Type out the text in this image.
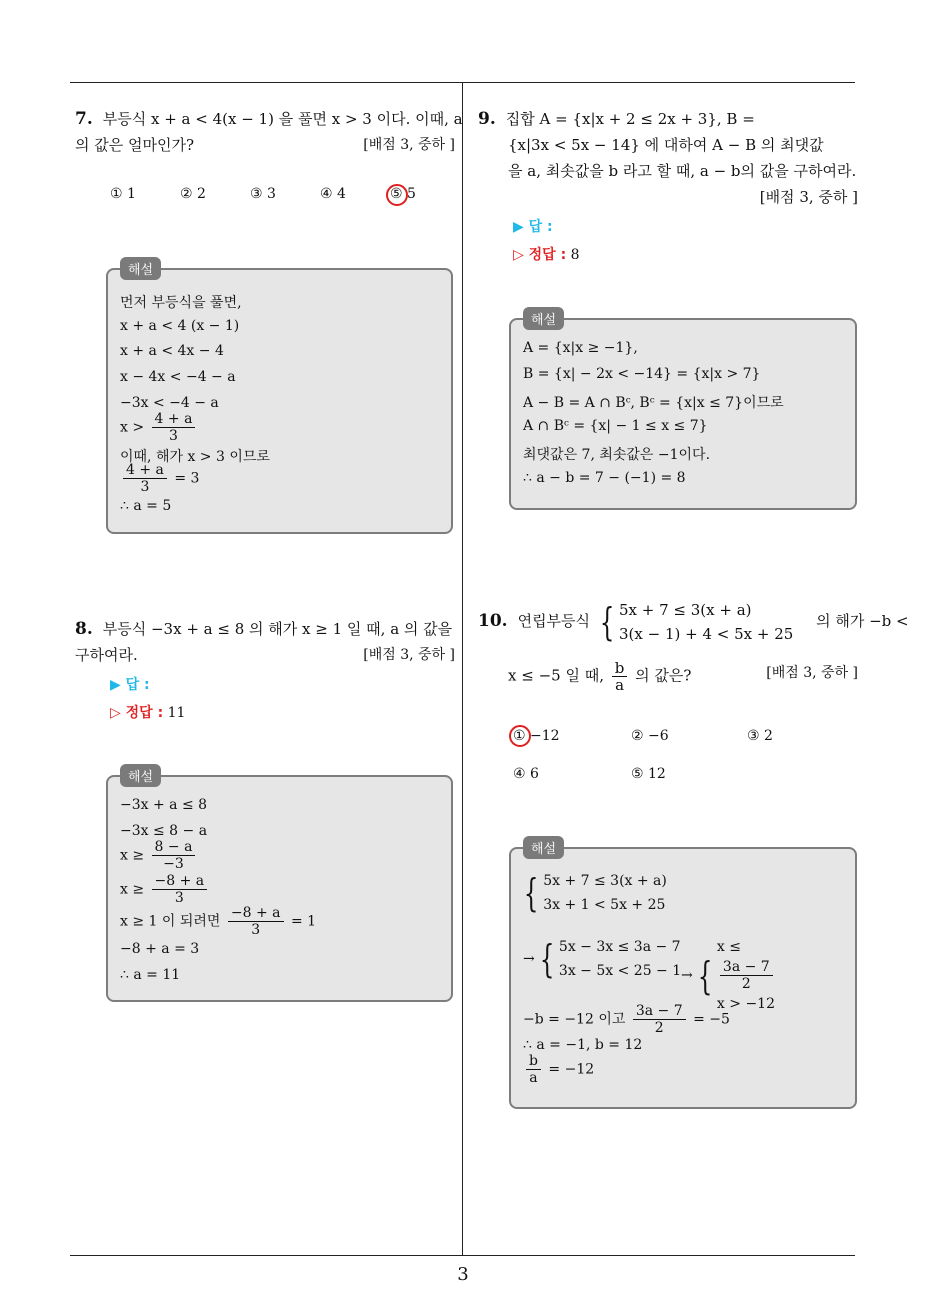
3
7. 부등식 x + a < 4(x − 1) 을 풀면 x > 3 이다. 이때, a
의 값은 얼마인가?	[배점 3, 중하 ]
① 1	② 2	③ 3	④ 4	⑤ 5
해설
먼저 부등식을 풀면,
x + a < 4 (x − 1)
x + a < 4x − 4
x − 4x < −4 − a
−3x < −4 − a
$x > \frac{4 + a}{3}$
이때, 해가 x > 3 이므로
$\frac{4 + a}{3} = 3$
∴ a = 5
8. 부등식 −3x + a ≤ 8 의 해가 x ≥ 1 일 때, a 의 값을
구하여라.	[배점 3, 중하 ]
▶ 답 :
▷ 정답 : 11
해설
−3x + a ≤ 8
−3x ≤ 8 − a
$x \ge \frac{8 - a}{-3}$
$x \ge \frac{-8 + a}{3}$
x ≥ 1 이 되려면 $\frac{-8 + a}{3} = 1$
−8 + a = 3
∴ a = 11
9. 집합 A = {x|x + 2 ≤ 2x + 3}, B =
{x|3x < 5x − 14} 에 대하여 A − B 의 최댓값
을 a, 최솟값을 b 라고 할 때, a − b의 값을 구하여라.
[배점 3, 중하 ]
▶ 답 :
▷ 정답 : 8
해설
A = {x|x ≥ −1},
B = {x| − 2x < −14} = {x|x > 7}
A − B = A ∩ Bᶜ, Bᶜ = {x|x ≤ 7}이므로
A ∩ Bᶜ = {x| − 1 ≤ x ≤ 7}
최댓값은 7, 최솟값은 −1이다.
∴ a − b = 7 − (−1) = 8
10. 연립부등식 { 5x + 7 ≤ 3(x + a)
3(x − 1) + 4 < 5x + 25
의 해가 −b <
x ≤ −5 일 때, $\frac{b}{a}$ 의 값은?	[배점 3, 중하 ]
① −12	② −6	③ 2
④ 6	⑤ 12
해설
{ 5x + 7 ≤ 3(x + a)
3x + 1 < 5x + 25
→ { 5x − 3x ≤ 3a − 7
3x − 5x < 25 − 1 → {
x ≤
3a − 7
2
x > −12
−b = −12 이고 $\frac{3a - 7}{2} = -5$
∴ a = −1, b = 12
$\frac{b}{a} = -12$
